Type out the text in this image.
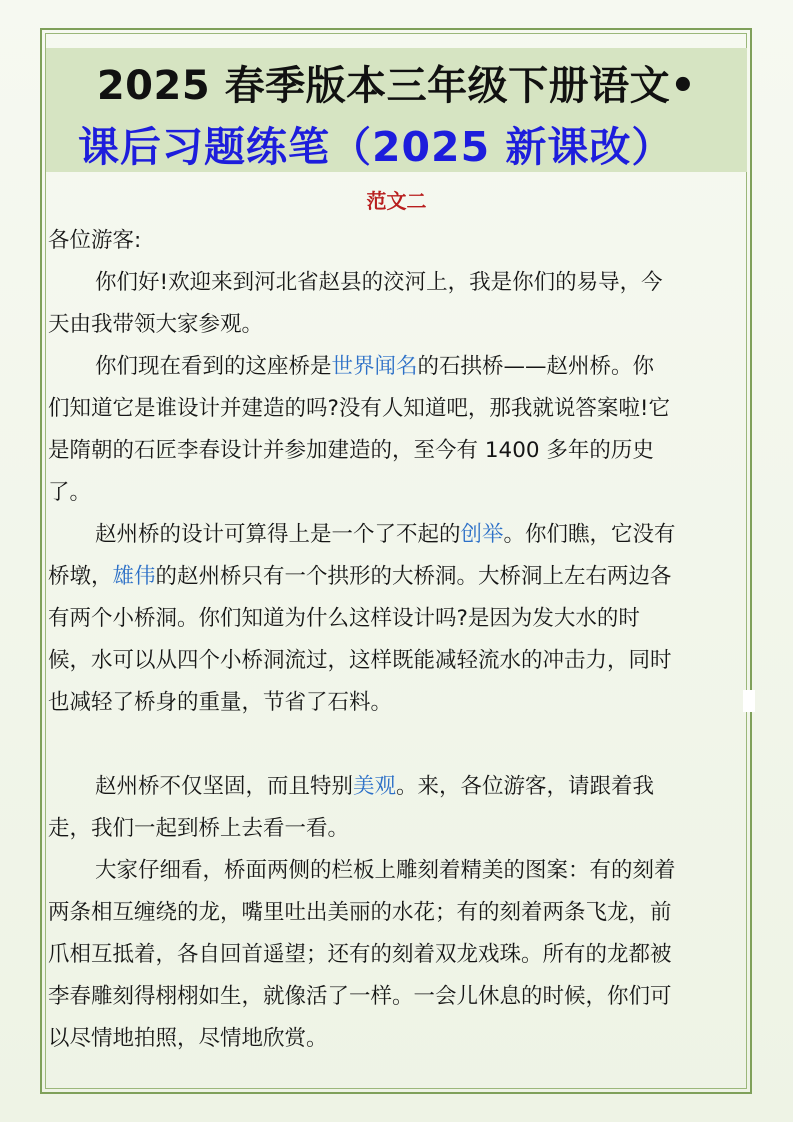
2025 春季版本三年级下册语文•
课后习题练笔（2025 新课改）
范文二

各位游客:

你们好!欢迎来到河北省赵县的洨河上，我是你们的易导，今

天由我带领大家参观。

你们现在看到的这座桥是世界闻名的石拱桥——赵州桥。你

们知道它是谁设计并建造的吗?没有人知道吧，那我就说答案啦!它

是隋朝的石匠李春设计并参加建造的，至今有 1400 多年的历史

了。

赵州桥的设计可算得上是一个了不起的创举。你们瞧，它没有

桥墩，雄伟的赵州桥只有一个拱形的大桥洞。大桥洞上左右两边各

有两个小桥洞。你们知道为什么这样设计吗?是因为发大水的时

候，水可以从四个小桥洞流过，这样既能减轻流水的冲击力，同时

也减轻了桥身的重量，节省了石料。

赵州桥不仅坚固，而且特别美观。来，各位游客，请跟着我

走，我们一起到桥上去看一看。

大家仔细看，桥面两侧的栏板上雕刻着精美的图案：有的刻着

两条相互缠绕的龙，嘴里吐出美丽的水花；有的刻着两条飞龙，前

爪相互抵着，各自回首遥望；还有的刻着双龙戏珠。所有的龙都被

李春雕刻得栩栩如生，就像活了一样。一会儿休息的时候，你们可

以尽情地拍照，尽情地欣赏。
